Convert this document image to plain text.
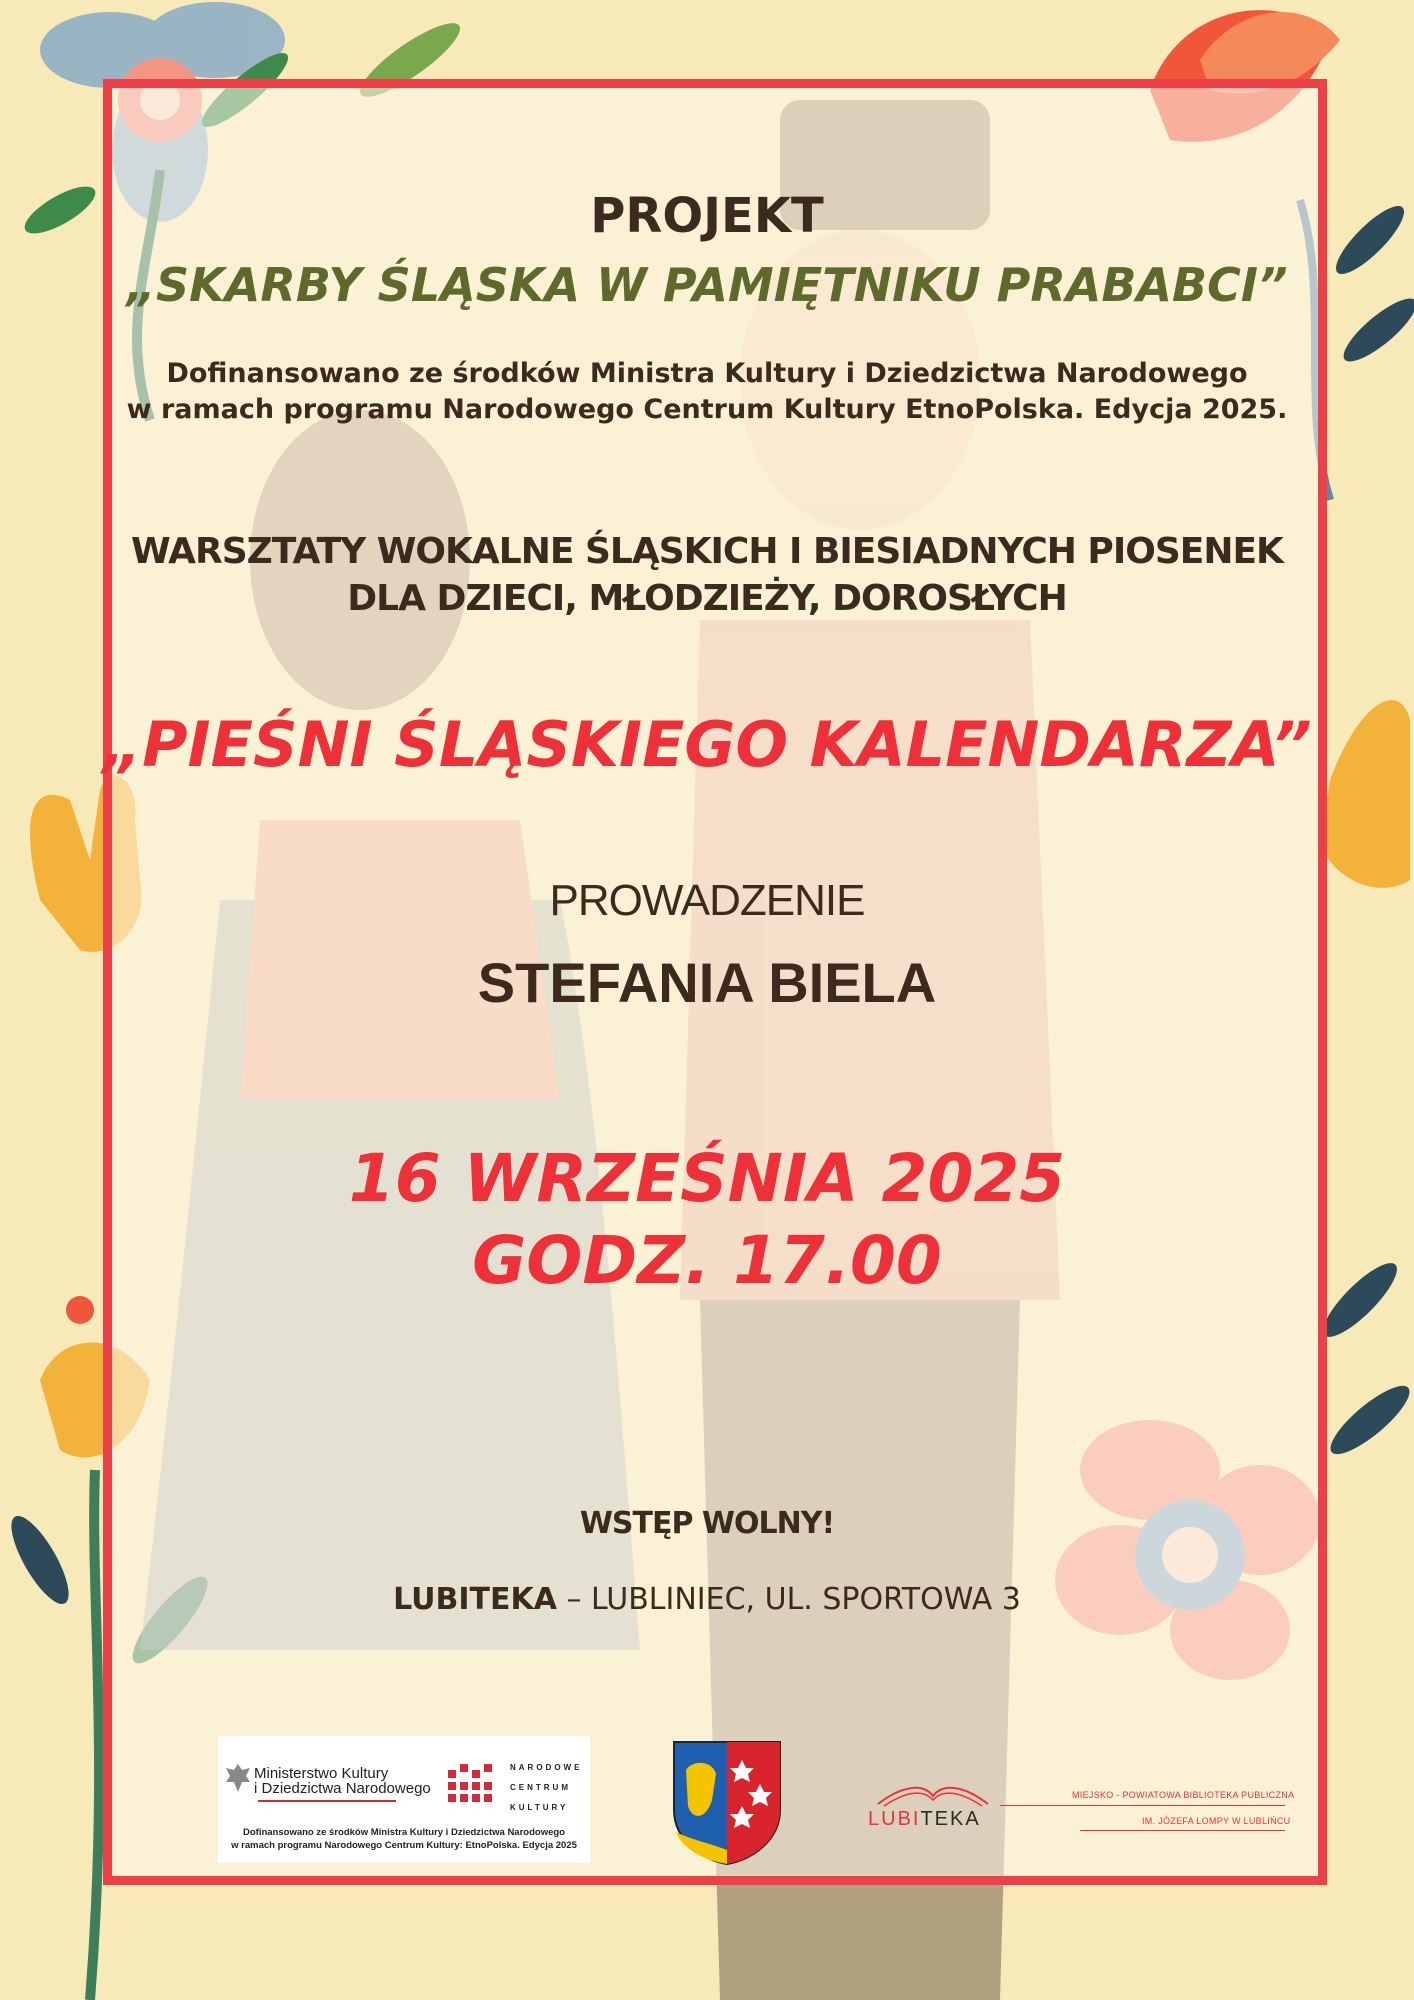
PROJEKT
„SKARBY ŚLĄSKA W PAMIĘTNIKU PRABABCI”
Dofinansowano ze środków Ministra Kultury i Dziedzictwa Narodowego
w ramach programu Narodowego Centrum Kultury EtnoPolska. Edycja 2025.
WARSZTATY WOKALNE ŚLĄSKICH I BIESIADNYCH PIOSENEK
DLA DZIECI, MŁODZIEŻY, DOROSŁYCH
„PIEŚNI ŚLĄSKIEGO KALENDARZA”
PROWADZENIE
STEFANIA BIELA
16 WRZEŚNIA 2025
GODZ. 17.00
WSTĘP WOLNY!
LUBITEKA – LUBLINIEC, UL. SPORTOWA 3
Ministerstwo Kultury
i Dziedzictwa Narodowego
NARODOWE
CENTRUM
KULTURY
Dofinansowano ze środków Ministra Kultury i Dziedzictwa Narodowego
w ramach programu Narodowego Centrum Kultury: EtnoPolska. Edycja 2025
LUBITEKA
MIEJSKO - POWIATOWA BIBLIOTEKA PUBLICZNA
IM. JÓZEFA LOMPY W LUBLIŃCU
